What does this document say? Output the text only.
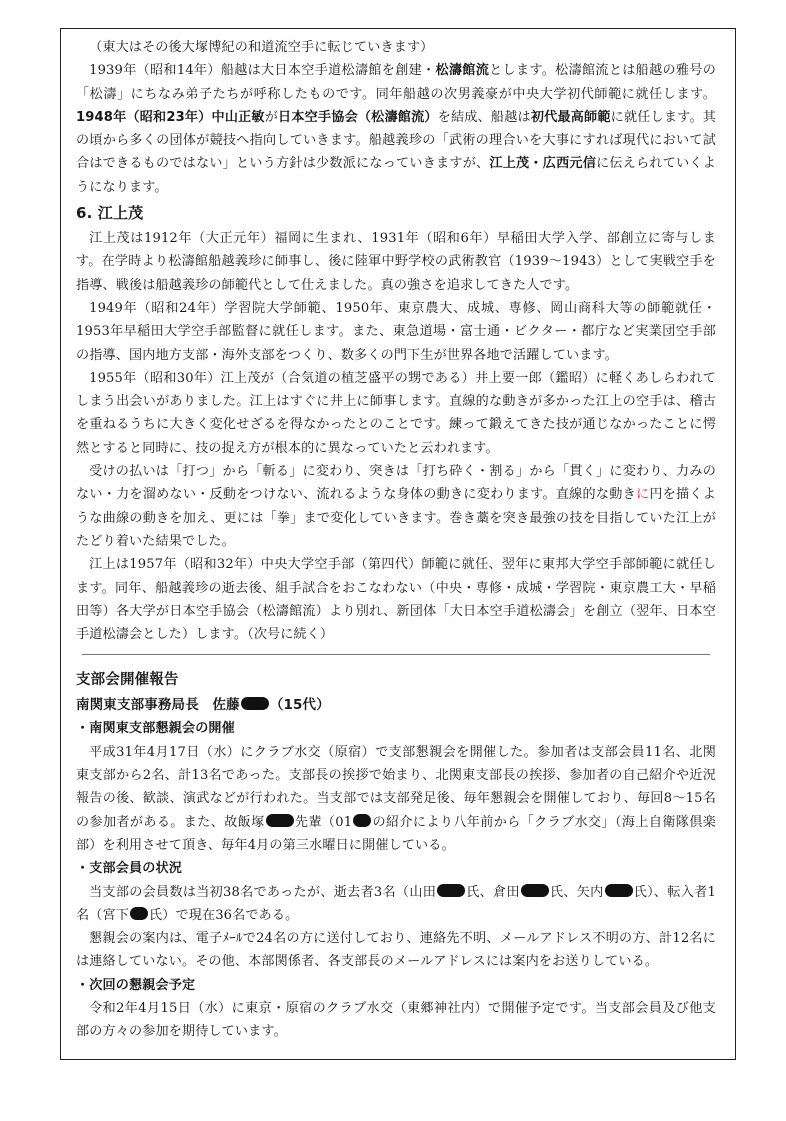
（東大はその後大塚博紀の和道流空手に転じていきます）

1939年（昭和14年）船越は大日本空手道松濤館を創建・松濤館流とします。松濤館流とは船越の雅号の「松濤」にちなみ弟子たちが呼称したものです。同年船越の次男義豪が中央大学初代師範に就任します。1948年（昭和23年）中山正敏が日本空手協会（松濤館流）を結成、船越は初代最高師範に就任します。其の頃から多くの団体が競技へ指向していきます。船越義珍の「武術の理合いを大事にすれば現代において試合はできるものではない」という方針は少数派になっていきますが、江上茂・広西元信に伝えられていくようになります。

6. 江上茂

江上茂は1912年（大正元年）福岡に生まれ、1931年（昭和6年）早稲田大学入学、部創立に寄与します。在学時より松濤館船越義珍に師事し、後に陸軍中野学校の武術教官（1939〜1943）として実戦空手を指導、戦後は船越義珍の師範代として仕えました。真の強さを追求してきた人です。

1949年（昭和24年）学習院大学師範、1950年、東京農大、成城、専修、岡山商科大等の師範就任・1953年早稲田大学空手部監督に就任します。また、東急道場・富士通・ビクター・都庁など実業団空手部の指導、国内地方支部・海外支部をつくり、数多くの門下生が世界各地で活躍しています。

1955年（昭和30年）江上茂が（合気道の植芝盛平の甥である）井上要一郎（鑑昭）に軽くあしらわれてしまう出会いがありました。江上はすぐに井上に師事します。直線的な動きが多かった江上の空手は、稽古を重ねるうちに大きく変化せざるを得なかったとのことです。練って鍛えてきた技が通じなかったことに愕然とすると同時に、技の捉え方が根本的に異なっていたと云われます。

受けの払いは「打つ」から「斬る」に変わり、突きは「打ち砕く・割る」から「貫く」に変わり、力みのない・力を溜めない・反動をつけない、流れるような身体の動きに変わります。直線的な動きに円を描くような曲線の動きを加え、更には「拳」まで変化していきます。巻き藁を突き最強の技を目指していた江上がたどり着いた結果でした。

江上は1957年（昭和32年）中央大学空手部（第四代）師範に就任、翌年に東邦大学空手部師範に就任します。同年、船越義珍の逝去後、組手試合をおこなわない（中央・専修・成城・学習院・東京農工大・早稲田等）各大学が日本空手協会（松濤館流）より別れ、新団体「大日本空手道松濤会」を創立（翌年、日本空手道松濤会とした）します。（次号に続く）

支部会開催報告

南関東支部事務局長　佐藤 （15代）

・南関東支部懇親会の開催

平成31年4月17日（水）にクラブ水交（原宿）で支部懇親会を開催した。参加者は支部会員11名、北関東支部から2名、計13名であった。支部長の挨拶で始まり、北関東支部長の挨拶、参加者の自己紹介や近況報告の後、歓談、演武などが行われた。当支部では支部発足後、毎年懇親会を開催しており、毎回8〜15名の参加者がある。また、故飯塚 先輩（01 の紹介により八年前から「クラブ水交」（海上自衛隊倶楽部）を利用させて頂き、毎年4月の第三水曜日に開催している。

・支部会員の状況

当支部の会員数は当初38名であったが、逝去者3名（山田 氏、倉田 氏、矢内 氏）、転入者1名（宮下 氏）で現在36名である。

懇親会の案内は、電子ﾒｰﾙで24名の方に送付しており、連絡先不明、メールアドレス不明の方、計12名には連絡していない。その他、本部関係者、各支部長のメールアドレスには案内をお送りしている。

・次回の懇親会予定

令和2年4月15日（水）に東京・原宿のクラブ水交（東郷神社内）で開催予定です。当支部会員及び他支部の方々の参加を期待しています。
